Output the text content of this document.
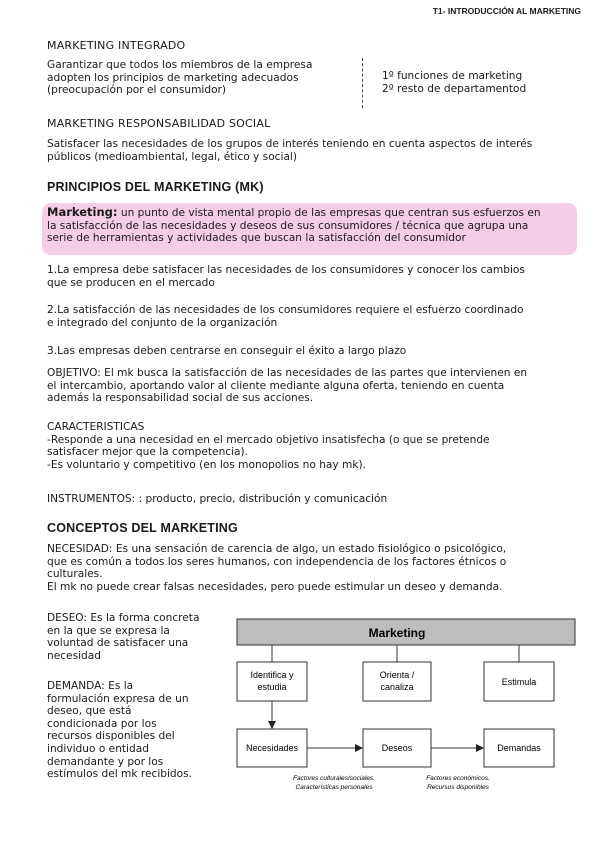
T1- INTRODUCCIÓN AL MARKETING
MARKETING INTEGRADO
Garantizar que todos los miembros de la empresa
adopten los principios de marketing adecuados
(preocupación por el consumidor)
1º funciones de marketing
2º resto de departamentod
MARKETING RESPONSABILIDAD SOCIAL
Satisfacer las necesidades de los grupos de interés teniendo en cuenta aspectos de interés
públicos (medioambiental, legal, ético y social)
PRINCIPIOS DEL MARKETING (MK)
Marketing: un punto de vista mental propio de las empresas que centran sus esfuerzos en
la satisfacción de las necesidades y deseos de sus consumidores / técnica que agrupa una
serie de herramientas y actividades que buscan la satisfacción del consumidor
1.La empresa debe satisfacer las necesidades de los consumidores y conocer los cambios
que se producen en el mercado
2.La satisfacción de las necesidades de los consumidores requiere el esfuerzo coordinado
e integrado del conjunto de la organización
3.Las empresas deben centrarse en conseguir el éxito a largo plazo
OBJETIVO: El mk busca la satisfacción de las necesidades de las partes que intervienen en
el intercambio, aportando valor al cliente mediante alguna oferta, teniendo en cuenta
además la responsabilidad social de sus acciones.
CARACTERISTICAS
-Responde a una necesidad en el mercado objetivo insatisfecha (o que se pretende
satisfacer mejor que la competencia).
-Es voluntario y competitivo (en los monopolios no hay mk).
INSTRUMENTOS: : producto, precio, distribución y comunicación
CONCEPTOS DEL MARKETING
NECESIDAD: Es una sensación de carencia de algo, un estado fisiológico o psicológico,
que es común a todos los seres humanos, con independencia de los factores étnicos o
culturales.
El mk no puede crear falsas necesidades, pero puede estimular un deseo y demanda.
DESEO: Es la forma concreta
en la que se expresa la
voluntad de satisfacer una
necesidad
DEMANDA: Es la
formulación expresa de un
deseo, que está
condicionada por los
recursos disponibles del
individuo o entidad
demandante y por los
estímulos del mk recibidos.
Marketing
Identifica y
estudia
Orienta /
canaliza	Estimula
Necesidades	Deseos	Demandas
Factores culturales/sociales.
Características personales
Factores económicos.
Recursos disponibles
